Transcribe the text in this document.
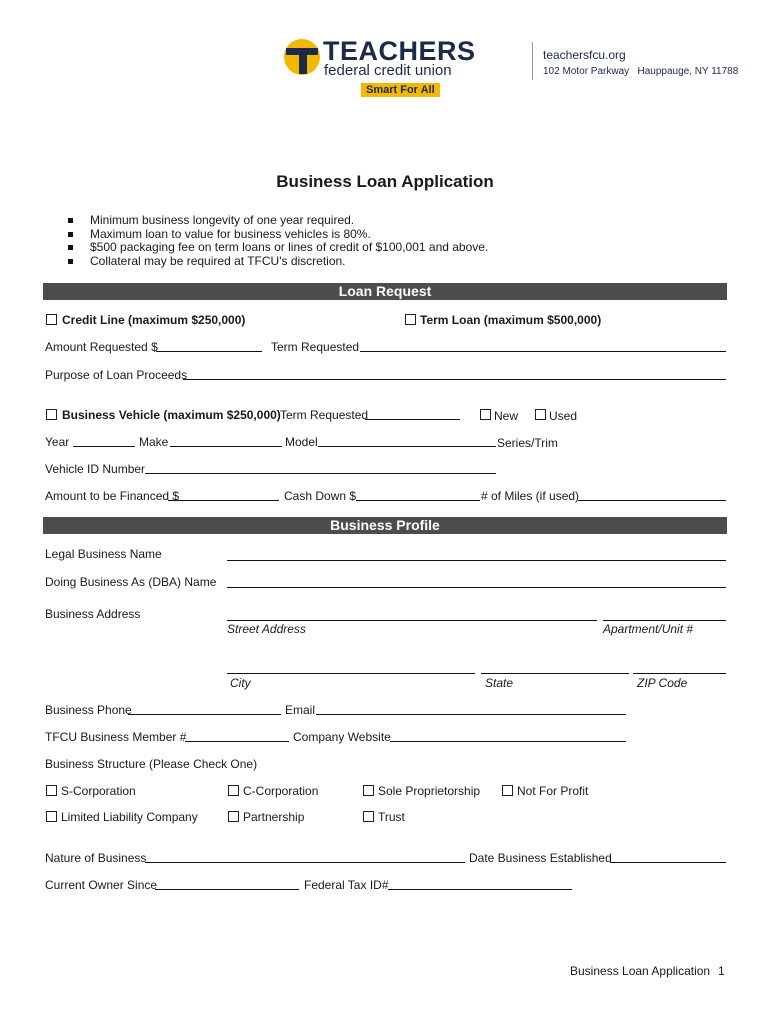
TEACHERS
federal credit union
Smart For All
teachersfcu.org
102 Motor Parkway   Hauppauge, NY 11788
Business Loan Application
Minimum business longevity of one year required.
Maximum loan to value for business vehicles is 80%.
$500 packaging fee on term loans or lines of credit of $100,001 and above.
Collateral may be required at TFCU's discretion.
Loan Request
Credit Line (maximum $250,000)	Term Loan (maximum $500,000)
Amount Requested $	Term Requested
Purpose of Loan Proceeds
Business Vehicle (maximum $250,000) Term Requested	New	Used
Year	Make	Model	Series/Trim
Vehicle ID Number
Amount to be Financed $	Cash Down $	# of Miles (if used)
Business Profile
Legal Business Name
Doing Business As (DBA) Name
Business Address
Street Address	Apartment/Unit #
City	State	ZIP Code
Business Phone	Email
TFCU Business Member #	Company Website
Business Structure (Please Check One)
S-Corporation	C-Corporation	Sole Proprietorship	Not For Profit
Limited Liability Company	Partnership	Trust
Nature of Business	Date Business Established
Current Owner Since	Federal Tax ID#
Business Loan Application 1
